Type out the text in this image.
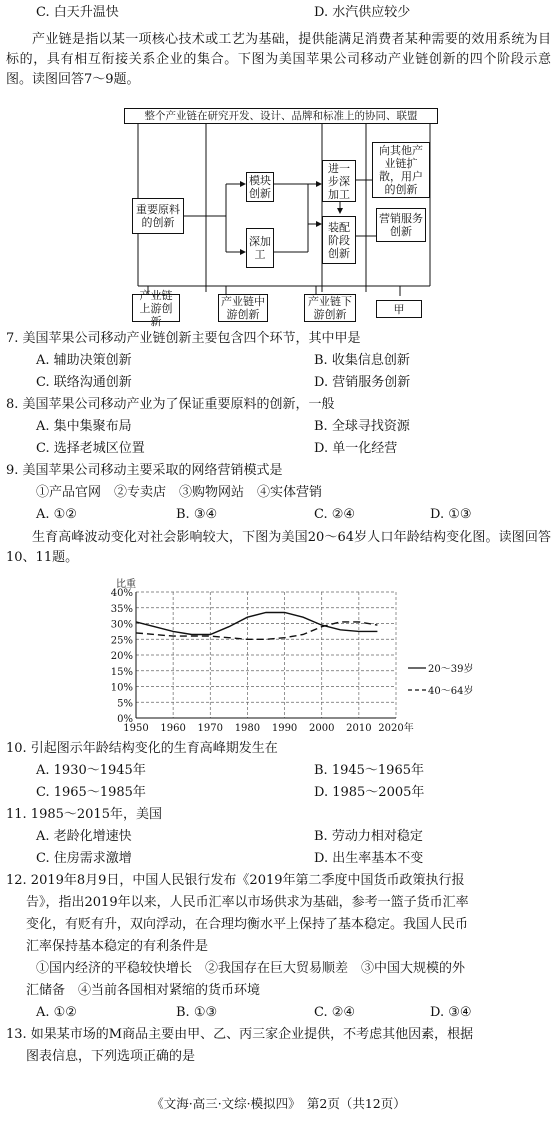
C. 白天升温快	D. 水汽供应较少
产业链是指以某一项核心技术或工艺为基础，提供能满足消费者某种需要的效用系统为目标的，具有相互衔接关系企业的集合。下图为美国苹果公司移动产业链创新的四个阶段示意图。读图回答7～9题。
整个产业链在研究开发、设计、品牌和标准上的协同、联盟
重要原料的创新
模块创新
深加工
进一步深加工
装配阶段创新
向其他产业链扩散，用户的创新
营销服务创新
产业链上游创新
产业链中游创新
产业链下游创新	甲
7. 美国苹果公司移动产业链创新主要包含四个环节，其中甲是
A. 辅助决策创新	B. 收集信息创新
C. 联络沟通创新	D. 营销服务创新
8. 美国苹果公司移动产业为了保证重要原料的创新，一般
A. 集中集聚布局	B. 全球寻找资源
C. 选择老城区位置	D. 单一化经营
9. 美国苹果公司移动主要采取的网络营销模式是
①产品官网　②专卖店　③购物网站　④实体营销
A. ①②	B. ③④	C. ②④	D. ①③
生育高峰波动变化对社会影响较大，下图为美国20～64岁人口年龄结构变化图。读图回答10、11题。
40%
35%
30%
25%
20%
15%
10%
5%
0%
1950 1960 1970 1980 1990 2000 2010 2020年
比重
20～39岁
40～64岁
10. 引起图示年龄结构变化的生育高峰期发生在
A. 1930～1945年	B. 1945～1965年
C. 1965～1985年	D. 1985～2005年
11. 1985～2015年，美国
A. 老龄化增速快	B. 劳动力相对稳定
C. 住房需求激增	D. 出生率基本不变
12. 2019年8月9日，中国人民银行发布《2019年第二季度中国货币政策执行报
告》，指出2019年以来，人民币汇率以市场供求为基础，参考一篮子货币汇率
变化，有贬有升，双向浮动，在合理均衡水平上保持了基本稳定。我国人民币
汇率保持基本稳定的有利条件是
①国内经济的平稳较快增长　②我国存在巨大贸易顺差　③中国大规模的外
汇储备　④当前各国相对紧缩的货币环境
A. ①②	B. ①③	C. ②④	D. ③④
13. 如果某市场的M商品主要由甲、乙、丙三家企业提供，不考虑其他因素，根据
图表信息，下列选项正确的是
《文海·高三·文综·模拟四》　第2页（共12页）
